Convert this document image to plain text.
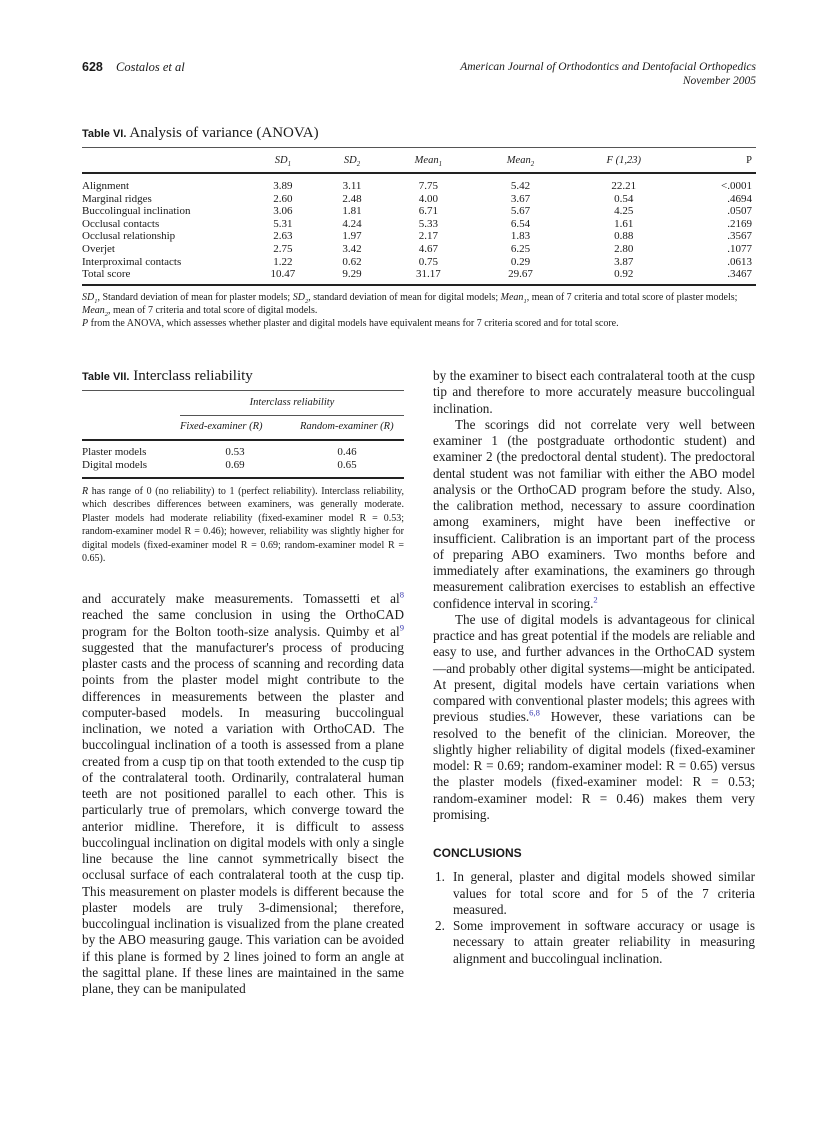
628 Costalos et al	American Journal of Orthodontics and Dentofacial Orthopedics
November 2005
Table VI. Analysis of variance (ANOVA)
	$SD_1$	$SD_2$	Mean$_1$	Mean$_2$	F (1,23)	P

Alignment	3.89	3.11	7.75	5.42	22.21	<.0001
Marginal ridges	2.60	2.48	4.00	3.67	0.54	.4694
Buccolingual inclination	3.06	1.81	6.71	5.67	4.25	.0507
Occlusal contacts	5.31	4.24	5.33	6.54	1.61	.2169
Occlusal relationship	2.63	1.97	2.17	1.83	0.88	.3567
Overjet	2.75	3.42	4.67	6.25	2.80	.1077
Interproximal contacts	1.22	0.62	0.75	0.29	3.87	.0613
Total score	10.47	9.29	31.17	29.67	0.92	.3467
$SD_1$, Standard deviation of mean for plaster models; $SD_2$, standard deviation of mean for digital models; Mean$_1$, mean of 7 criteria and total score of plaster models; Mean$_2$, mean of 7 criteria and total score of digital models.
P from the ANOVA, which assesses whether plaster and digital models have equivalent means for 7 criteria scored and for total score.
Table VII. Interclass reliability
Interclass reliability
Fixed-examiner (R)	Random-examiner (R)
Plaster models	0.53	0.46
Digital models	0.69	0.65
R has range of 0 (no reliability) to 1 (perfect reliability). Interclass reliability, which describes differences between examiners, was generally moderate. Plaster models had moderate reliability (fixed-examiner model R = 0.53; random-examiner model R = 0.46); however, reliability was slightly higher for digital models (fixed-examiner model R = 0.69; random-examiner model R = 0.65).

and accurately make measurements. Tomassetti et al$^8$ reached the same conclusion in using the OrthoCAD program for the Bolton tooth-size analysis. Quimby et al$^9$ suggested that the manufacturer's process of producing plaster casts and the process of scanning and recording data points from the plaster model might contribute to the differences in measurements between the plaster and computer-based models. In measuring buccolingual inclination, we noted a variation with OrthoCAD. The buccolingual inclination of a tooth is assessed from a plane created from a cusp tip on that tooth extended to the cusp tip of the contralateral tooth. Ordinarily, contralateral human teeth are not positioned parallel to each other. This is particularly true of premolars, which converge toward the anterior midline. Therefore, it is difficult to assess buccolingual inclination on digital models with only a single line because the line cannot symmetrically bisect the occlusal surface of each contralateral tooth at the cusp tip. This measurement on plaster models is different because the plaster models are truly 3-dimensional; therefore, buccolingual inclination is visualized from the plane created by the ABO measuring gauge. This variation can be avoided if this plane is formed by 2 lines joined to form an angle at the sagittal plane. If these lines are maintained in the same plane, they can be manipulated

by the examiner to bisect each contralateral tooth at the cusp tip and therefore to more accurately measure buccolingual inclination.

The scorings did not correlate very well between examiner 1 (the postgraduate orthodontic student) and examiner 2 (the predoctoral dental student). The predoctoral dental student was not familiar with either the ABO model analysis or the OrthoCAD program before the study. Also, the calibration method, necessary to assure coordination among examiners, might have been ineffective or insufficient. Calibration is an important part of the process of preparing ABO examiners. Two months before and immediately after examinations, the examiners go through measurement calibration exercises to establish an effective confidence interval in scoring.$^2$

The use of digital models is advantageous for clinical practice and has great potential if the models are reliable and easy to use, and further advances in the OrthoCAD system—and probably other digital systems—might be anticipated. At present, digital models have certain variations when compared with conventional plaster models; this agrees with previous studies.$^{6,8}$ However, these variations can be resolved to the benefit of the clinician. Moreover, the slightly higher reliability of digital models (fixed-examiner model: R = 0.69; random-examiner model: R = 0.65) versus the plaster models (fixed-examiner model: R = 0.53; random-examiner model: R = 0.46) makes them very promising.

CONCLUSIONS
1. In general, plaster and digital models showed similar values for total score and for 5 of the 7 criteria measured.
2. Some improvement in software accuracy or usage is necessary to attain greater reliability in measuring alignment and buccolingual inclination.
